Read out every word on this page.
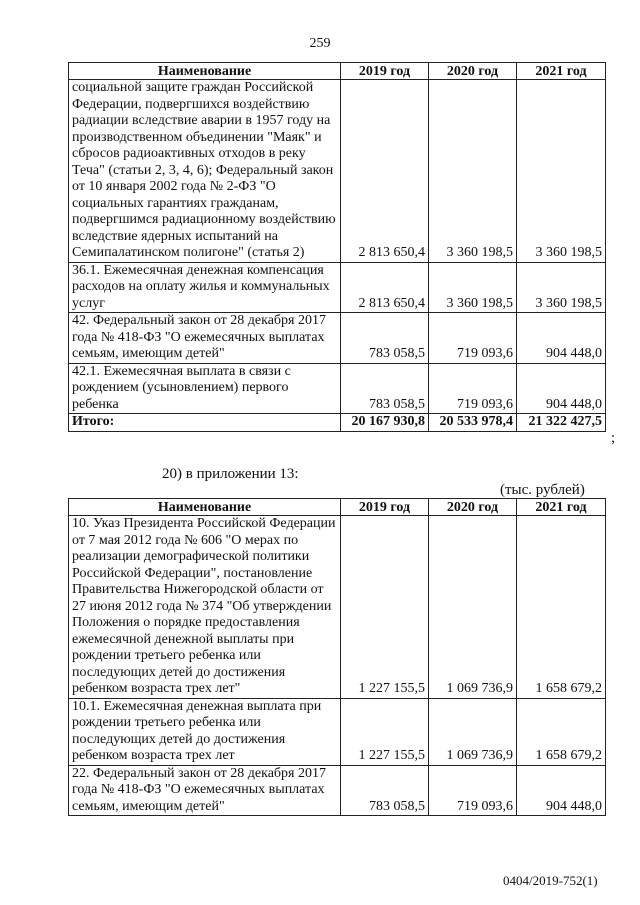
259
Наименование	2019 год	2020 год	2021 год
социальной защите граждан Российской Федерации, подвергшихся воздействию радиации вследствие аварии в 1957 году на производственном объединении "Маяк" и сбросов радиоактивных отходов в реку Теча" (статьи 2, 3, 4, 6); Федеральный закон от 10 января 2002 года № 2-ФЗ "О социальных гарантиях гражданам, подвергшимся радиационному воздействию вследствие ядерных испытаний на Семипалатинском полигоне" (статья 2)	2 813 650,4	3 360 198,5	3 360 198,5
36.1. Ежемесячная денежная компенсация расходов на оплату жилья и коммунальных услуг	2 813 650,4	3 360 198,5	3 360 198,5
42. Федеральный закон от 28 декабря 2017 года № 418-ФЗ "О ежемесячных выплатах семьям, имеющим детей"	783 058,5	719 093,6	904 448,0
42.1. Ежемесячная выплата в связи с рождением (усыновлением) первого ребенка	783 058,5	719 093,6	904 448,0
Итого:	20 167 930,8	20 533 978,4	21 322 427,5
;
20) в приложении 13:
(тыс. рублей)
Наименование	2019 год	2020 год	2021 год
10. Указ Президента Российской Федерации от 7 мая 2012 года № 606 "О мерах по реализации демографической политики Российской Федерации", постановление Правительства Нижегородской области от 27 июня 2012 года № 374 "Об утверждении Положения о порядке предоставления ежемесячной денежной выплаты при рождении третьего ребенка или последующих детей до достижения ребенком возраста трех лет"	1 227 155,5	1 069 736,9	1 658 679,2
10.1. Ежемесячная денежная выплата при рождении третьего ребенка или последующих детей до достижения ребенком возраста трех лет	1 227 155,5	1 069 736,9	1 658 679,2
22. Федеральный закон от 28 декабря 2017 года № 418-ФЗ "О ежемесячных выплатах семьям, имеющим детей"	783 058,5	719 093,6	904 448,0
0404/2019-752(1)
